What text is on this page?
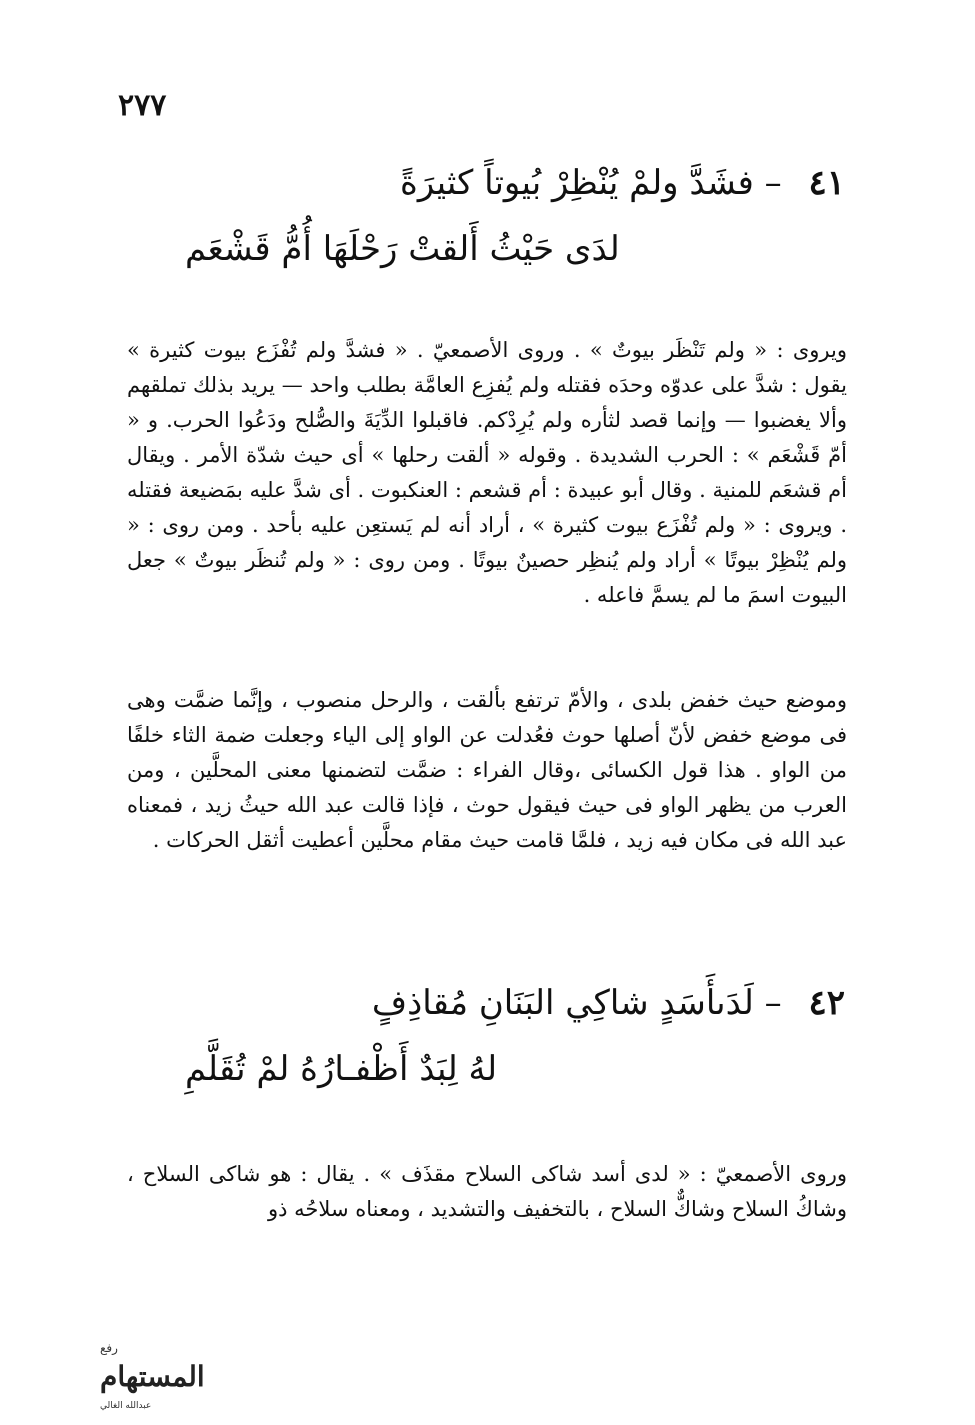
٢٧٧
٤١ – فشَدَّ ولمْ يُنْظِرْ بُيوتاً كثيرَةً
لدَى حَيْثُ أَلقتْ رَحْلَهَا أُمُّ قَشْعَم

ويروى : « ولم تَنْظَر بيوتٌ » . وروى الأصمعيّ . « فشدَّ ولم تُفْزَع بيوت كثيرة » يقول : شدَّ على عدوّه وحدَه فقتله ولم يُفزِع العامَّة بطلب واحد — يريد بذلك تملقهم وألا يغضبوا — وإنما قصد لثأره ولم يُرِدْكم. فاقبلوا الدِّيَةَ والصُّلح ودَعُوا الحرب. و « أمّ قَشْعَم » : الحرب الشديدة . وقوله « ألقت رحلها » أى حيث شدّة الأمر . ويقال أم قشعَم للمنية . وقال أبو عبيدة : أم قشعم : العنكبوت . أى شدَّ عليه بمَضيعة فقتله . ويروى : « ولم تُفْزَع بيوت كثيرة » ، أراد أنه لم يَستعِن عليه بأحد . ومن روى : « ولم يُنْظِرْ بيوتًا » أراد ولم يُنظِر حصينٌ بيوتًا . ومن روى : « ولم تُنظَر بيوتٌ » جعل البيوت اسمَ ما لم يسمَّ فاعله .

وموضع حيث خفض بلدى ، والأمّ ترتفع بألقت ، والرحل منصوب ، وإنَّما ضمَّت وهى فى موضع خفض لأنّ أصلها حوث فعُدلت عن الواو إلى الياء وجعلت ضمة الثاء خلفًا من الواو . هذا قول الكسائى ،وقال الفراء : ضمَّت لتضمنها معنى المحلَّين ، ومن العرب من يظهر الواو فى حيث فيقول حوث ، فإذا قالت عبد الله حيثُ زيد ، فمعناه عبد الله فى مكان فيه زيد ، فلمَّا قامت حيث مقام محلَّين أعطيت أثقل الحركات .

٤٢ – لَدَىأَسَدٍ شاكِي البَنَانِ مُقاذِفٍ
لهُ لِبَدٌ أَظْفـارُهُ لمْ تُقَلَّمِ

وروى الأصمعيّ : « لدى أسد شاكى السلاح مقذَف » . يقال : هو شاكى السلاح ، وشاكُ السلاح وشاكٌّ السلاح ، بالتخفيف والتشديد ، ومعناه سلاحُه ذو

رفع
المستهام
عبدالله الغالي
